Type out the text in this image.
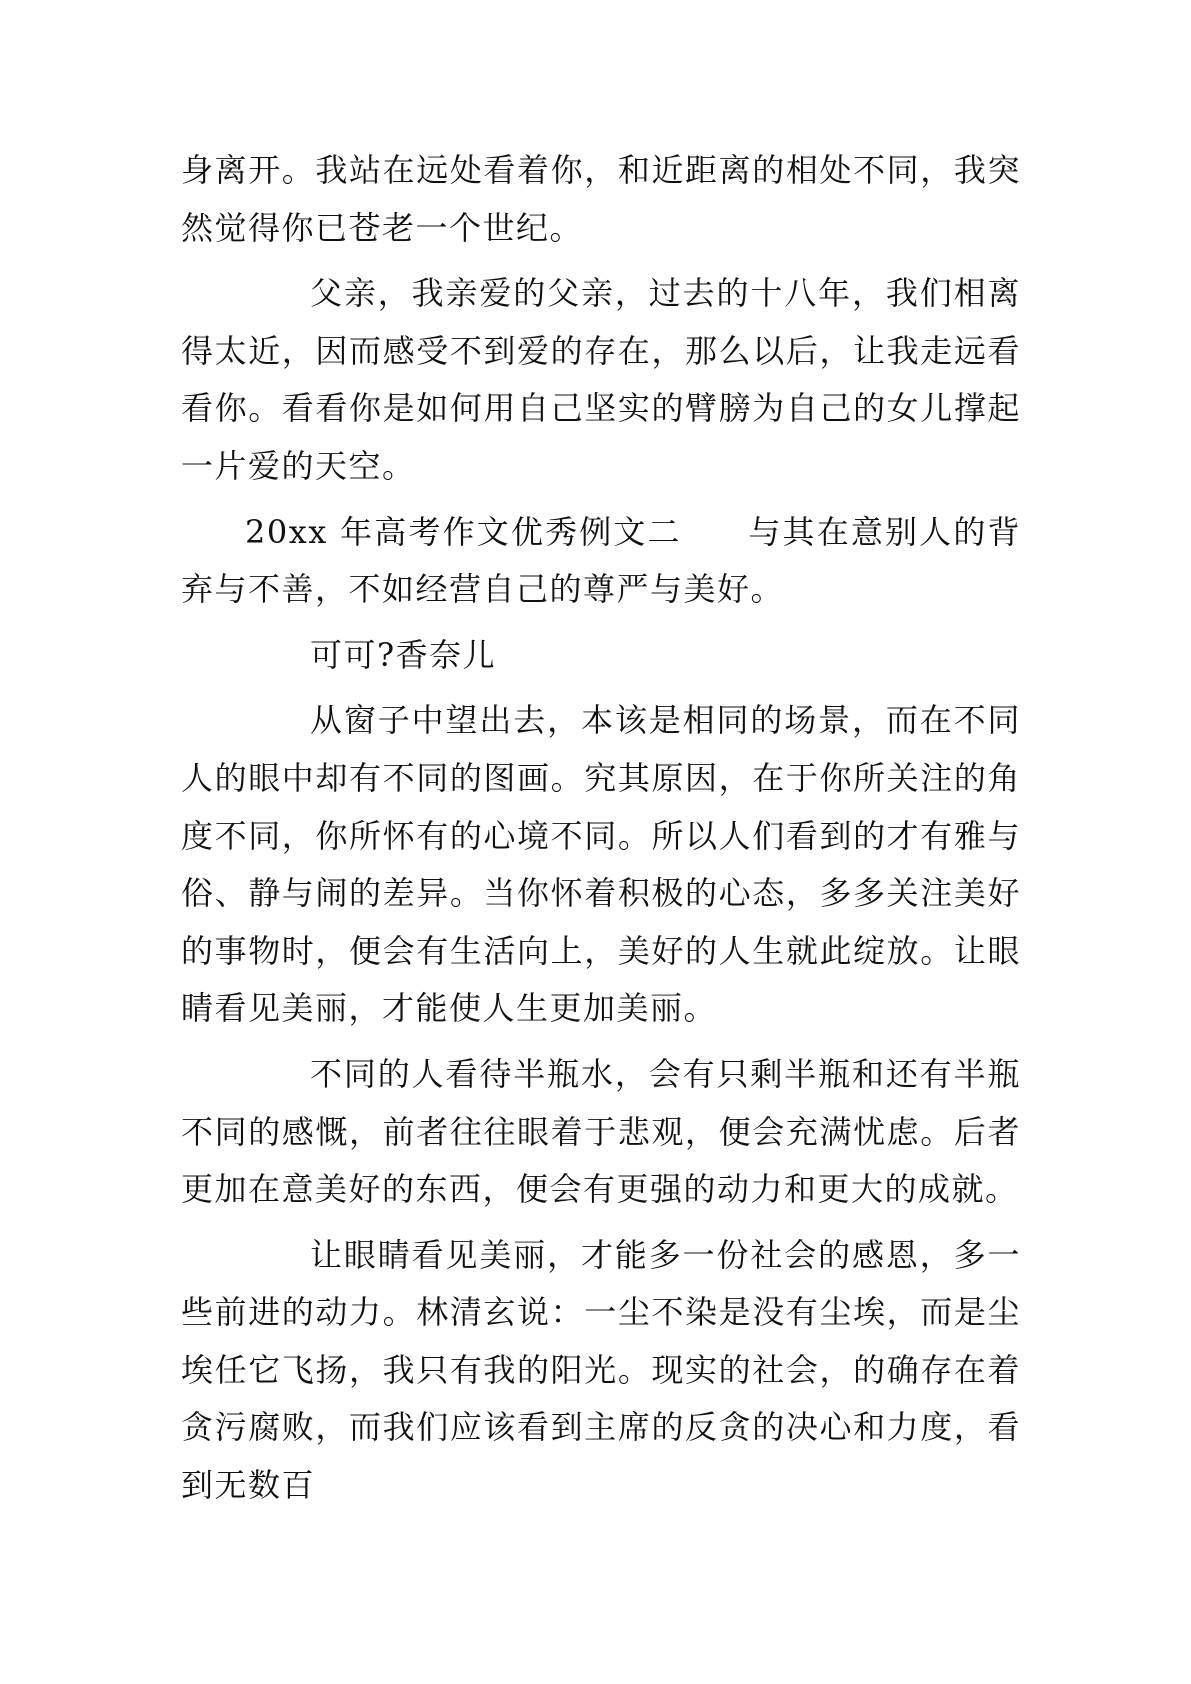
身离开。我站在远处看着你，和近距离的相处不同，我突然觉得你已苍老一个世纪。

父亲，我亲爱的父亲，过去的十八年，我们相离得太近，因而感受不到爱的存在，那么以后，让我走远看看你。看看你是如何用自己坚实的臂膀为自己的女儿撑起一片爱的天空。

20xx 年高考作文优秀例文二 与其在意别人的背弃与不善，不如经营自己的尊严与美好。

可可?香奈儿

从窗子中望出去，本该是相同的场景，而在不同人的眼中却有不同的图画。究其原因，在于你所关注的角度不同，你所怀有的心境不同。所以人们看到的才有雅与俗、静与闹的差异。当你怀着积极的心态，多多关注美好的事物时，便会有生活向上，美好的人生就此绽放。让眼睛看见美丽，才能使人生更加美丽。

不同的人看待半瓶水，会有只剩半瓶和还有半瓶不同的感慨，前者往往眼着于悲观，便会充满忧虑。后者更加在意美好的东西，便会有更强的动力和更大的成就。

让眼睛看见美丽，才能多一份社会的感恩，多一些前进的动力。林清玄说：一尘不染是没有尘埃，而是尘埃任它飞扬，我只有我的阳光。现实的社会，的确存在着贪污腐败，而我们应该看到主席的反贪的决心和力度，看到无数百
